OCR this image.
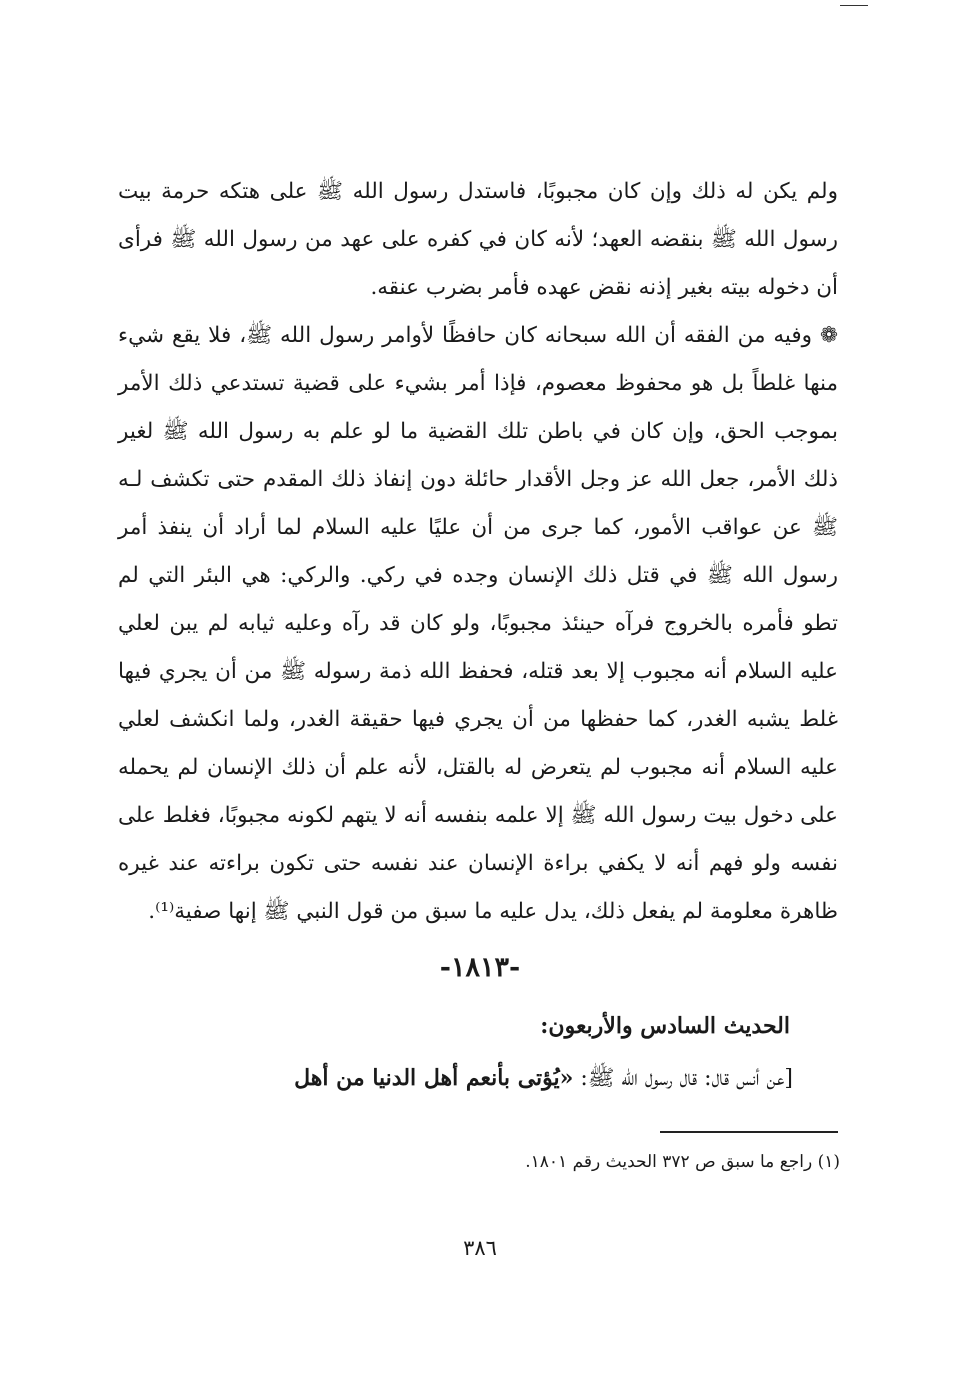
ولم يكن له ذلك وإن كان مجبوبًا، فاستدل رسول الله ﷺ على هتكه حرمة بيت رسول الله ﷺ بنقضه العهد؛ لأنه كان في كفره على عهد من رسول الله ﷺ فرأى أن دخوله بيته بغير إذنه نقض عهده فأمر بضرب عنقه.

❁ وفيه من الفقه أن الله سبحانه كان حافظًا لأوامر رسول الله ﷺ، فلا يقع شيء منها غلطاً بل هو محفوظ معصوم، فإذا أمر بشيء على قضية تستدعي ذلك الأمر بموجب الحق، وإن كان في باطن تلك القضية ما لو علم به رسول الله ﷺ لغير ذلك الأمر، جعل الله عز وجل الأقدار حائلة دون إنفاذ ذلك المقدم حتى تكشف لـه ﷺ عن عواقب الأمور، كما جرى من أن عليًا عليه السلام لما أراد أن ينفذ أمر رسول الله ﷺ في قتل ذلك الإنسان وجده في ركي. والركي: هي البئر التي لم تطو فأمره بالخروج فرآه حينئذ مجبوبًا، ولو كان قد رآه وعليه ثيابه لم يبن لعلي عليه السلام أنه مجبوب إلا بعد قتله، فحفظ الله ذمة رسوله ﷺ من أن يجري فيها غلط يشبه الغدر، كما حفظها من أن يجري فيها حقيقة الغدر، ولما انكشف لعلي عليه السلام أنه مجبوب لم يتعرض له بالقتل، لأنه علم أن ذلك الإنسان لم يحمله على دخول بيت رسول الله ﷺ إلا علمه بنفسه أنه لا يتهم لكونه مجبوبًا، فغلط على نفسه ولو فهم أنه لا يكفي براءة الإنسان عند نفسه حتى تكون براءته عند غيره ظاهرة معلومة لم يفعل ذلك، يدل عليه ما سبق من قول النبي ﷺ إنها صفية⁽¹⁾.

-١٨١٣-
الحديث السادس والأربعون:
[عن أنس قال: قال رسول الله ﷺ: «يُؤتى بأنعم أهل الدنيا من أهل
(١) راجع ما سبق ص ٣٧٢ الحديث رقم ١٨٠١.
٣٨٦
